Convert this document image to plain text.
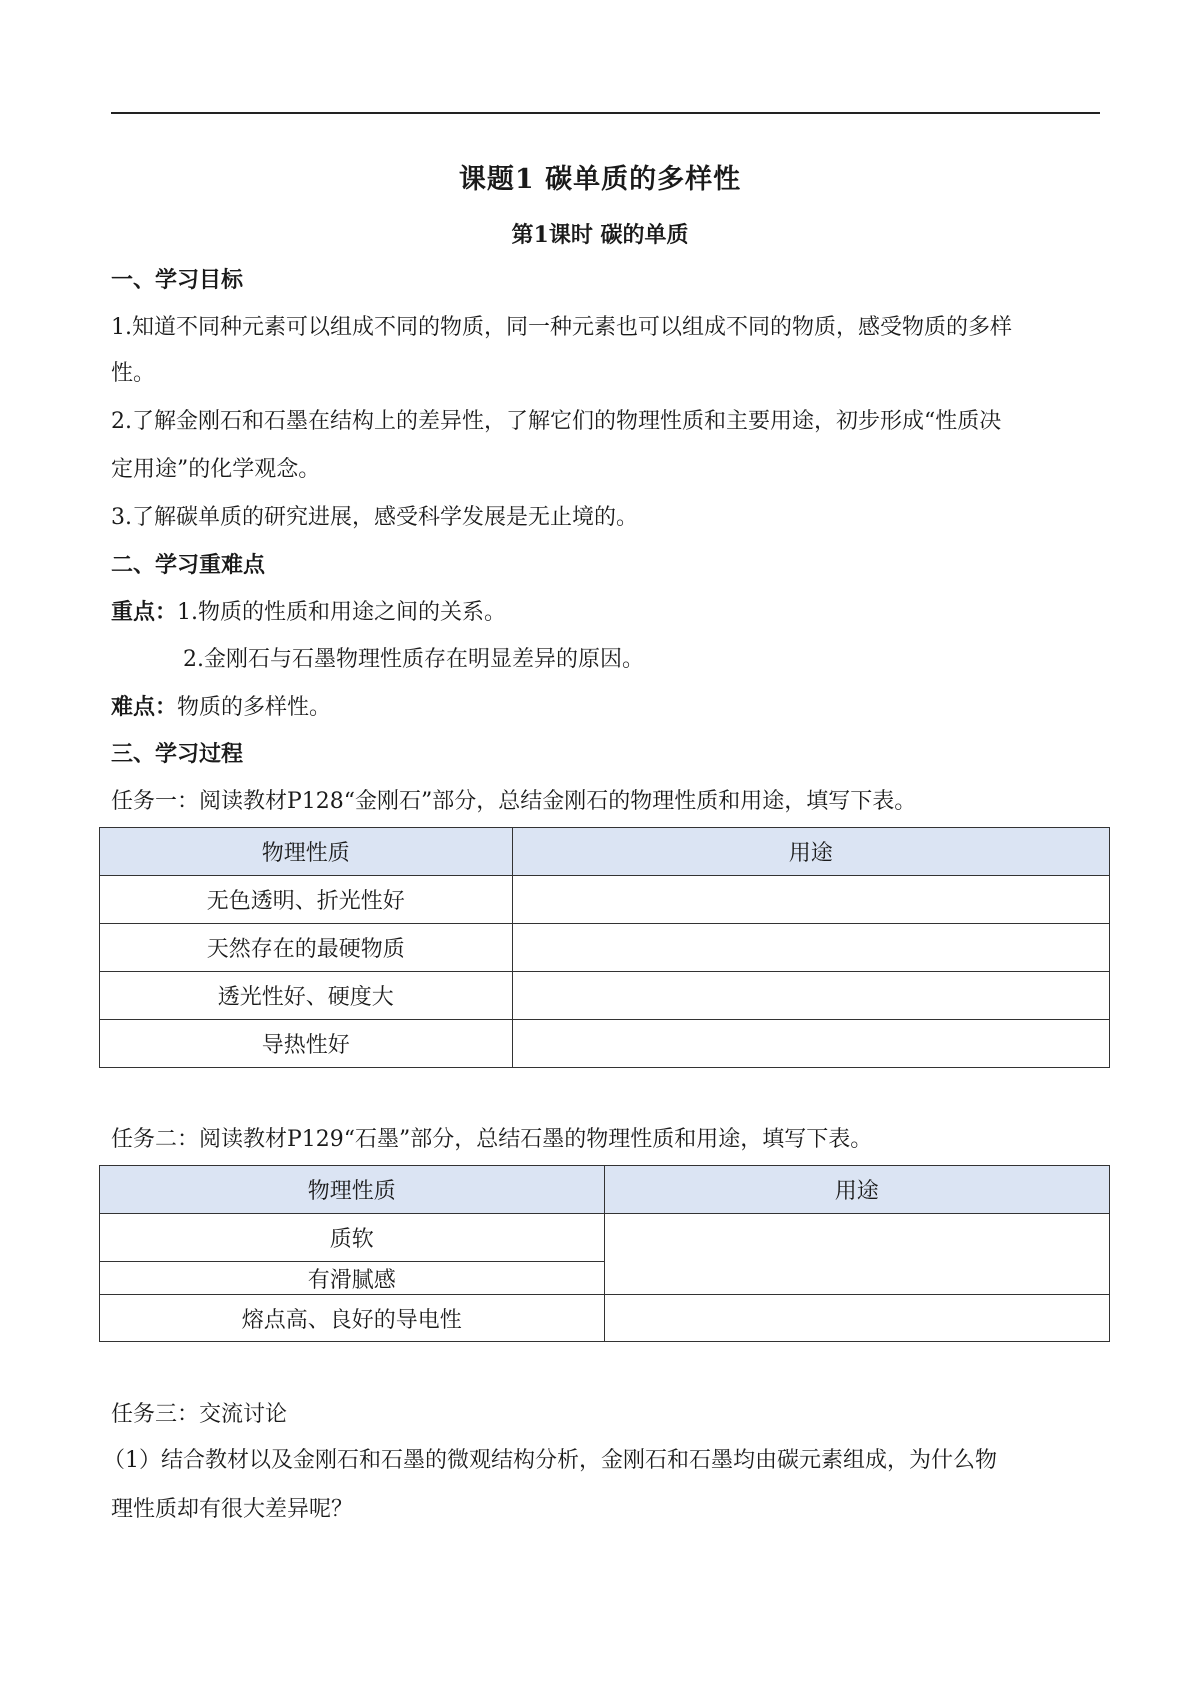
课题1 碳单质的多样性
第1课时 碳的单质
一、学习目标
1.知道不同种元素可以组成不同的物质，同一种元素也可以组成不同的物质，感受物质的多样
性。
2.了解金刚石和石墨在结构上的差异性，了解它们的物理性质和主要用途，初步形成“性质决
定用途”的化学观念。
3.了解碳单质的研究进展，感受科学发展是无止境的。
二、学习重难点
重点：1.物质的性质和用途之间的关系。
2.金刚石与石墨物理性质存在明显差异的原因。
难点：物质的多样性。
三、学习过程
任务一：阅读教材P128“金刚石”部分，总结金刚石的物理性质和用途，填写下表。
物理性质	用途
无色透明、折光性好	
天然存在的最硬物质	
透光性好、硬度大	
导热性好	
任务二：阅读教材P129“石墨”部分，总结石墨的物理性质和用途，填写下表。
物理性质	用途
质软	
有滑腻感	
熔点高、良好的导电性	
任务三：交流讨论
（1）结合教材以及金刚石和石墨的微观结构分析，金刚石和石墨均由碳元素组成，为什么物
理性质却有很大差异呢？
